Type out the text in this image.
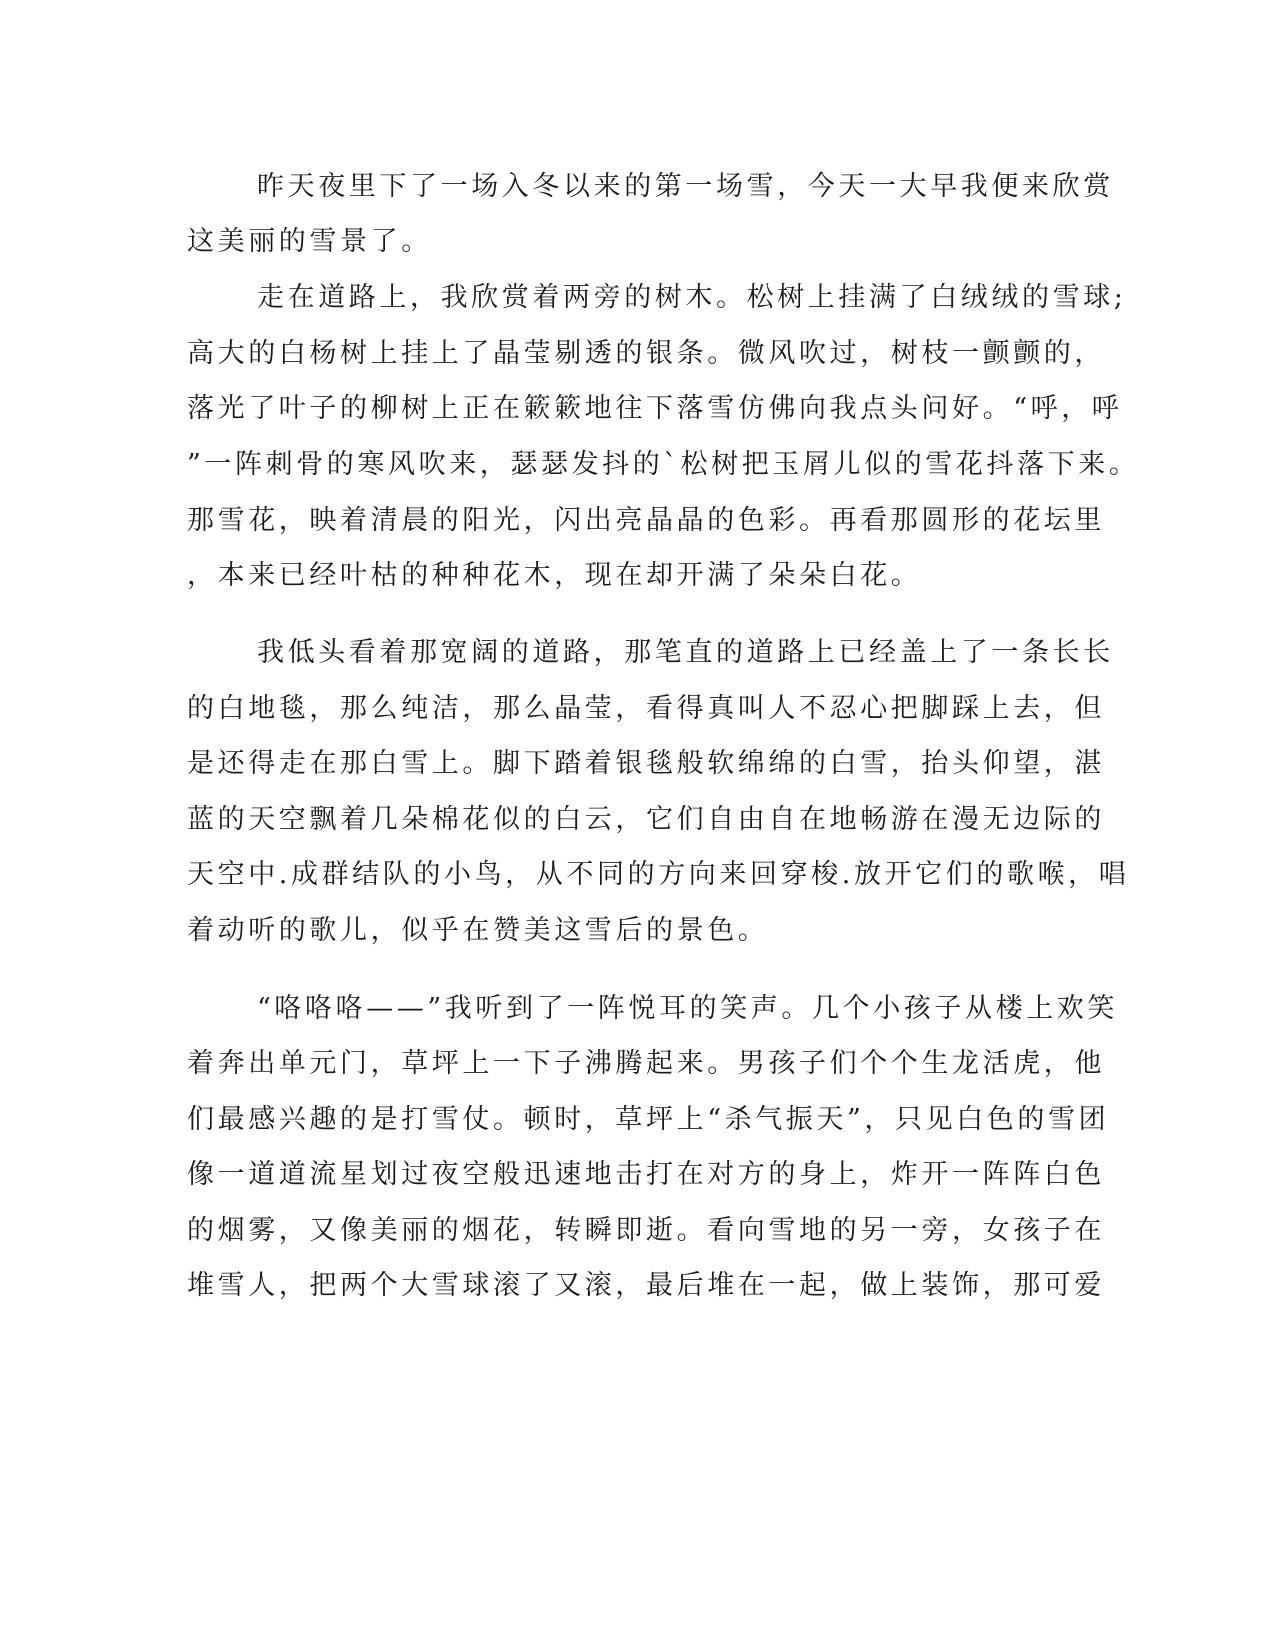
昨天夜里下了一场入冬以来的第一场雪，今天一大早我便来欣赏
这美丽的雪景了。
走在道路上，我欣赏着两旁的树木。松树上挂满了白绒绒的雪球;
高大的白杨树上挂上了晶莹剔透的银条。微风吹过，树枝一颤颤的，
落光了叶子的柳树上正在簌簌地往下落雪仿佛向我点头问好。“呼，呼
”一阵刺骨的寒风吹来，瑟瑟发抖的`松树把玉屑儿似的雪花抖落下来。
那雪花，映着清晨的阳光，闪出亮晶晶的色彩。再看那圆形的花坛里
，本来已经叶枯的种种花木，现在却开满了朵朵白花。
我低头看着那宽阔的道路，那笔直的道路上已经盖上了一条长长
的白地毯，那么纯洁，那么晶莹，看得真叫人不忍心把脚踩上去，但
是还得走在那白雪上。脚下踏着银毯般软绵绵的白雪，抬头仰望，湛
蓝的天空飘着几朵棉花似的白云，它们自由自在地畅游在漫无边际的
天空中.成群结队的小鸟，从不同的方向来回穿梭.放开它们的歌喉，唱
着动听的歌儿，似乎在赞美这雪后的景色。
“咯咯咯——”我听到了一阵悦耳的笑声。几个小孩子从楼上欢笑
着奔出单元门，草坪上一下子沸腾起来。男孩子们个个生龙活虎，他
们最感兴趣的是打雪仗。顿时，草坪上“杀气振天”，只见白色的雪团
像一道道流星划过夜空般迅速地击打在对方的身上，炸开一阵阵白色
的烟雾，又像美丽的烟花，转瞬即逝。看向雪地的另一旁，女孩子在
堆雪人，把两个大雪球滚了又滚，最后堆在一起，做上装饰，那可爱
